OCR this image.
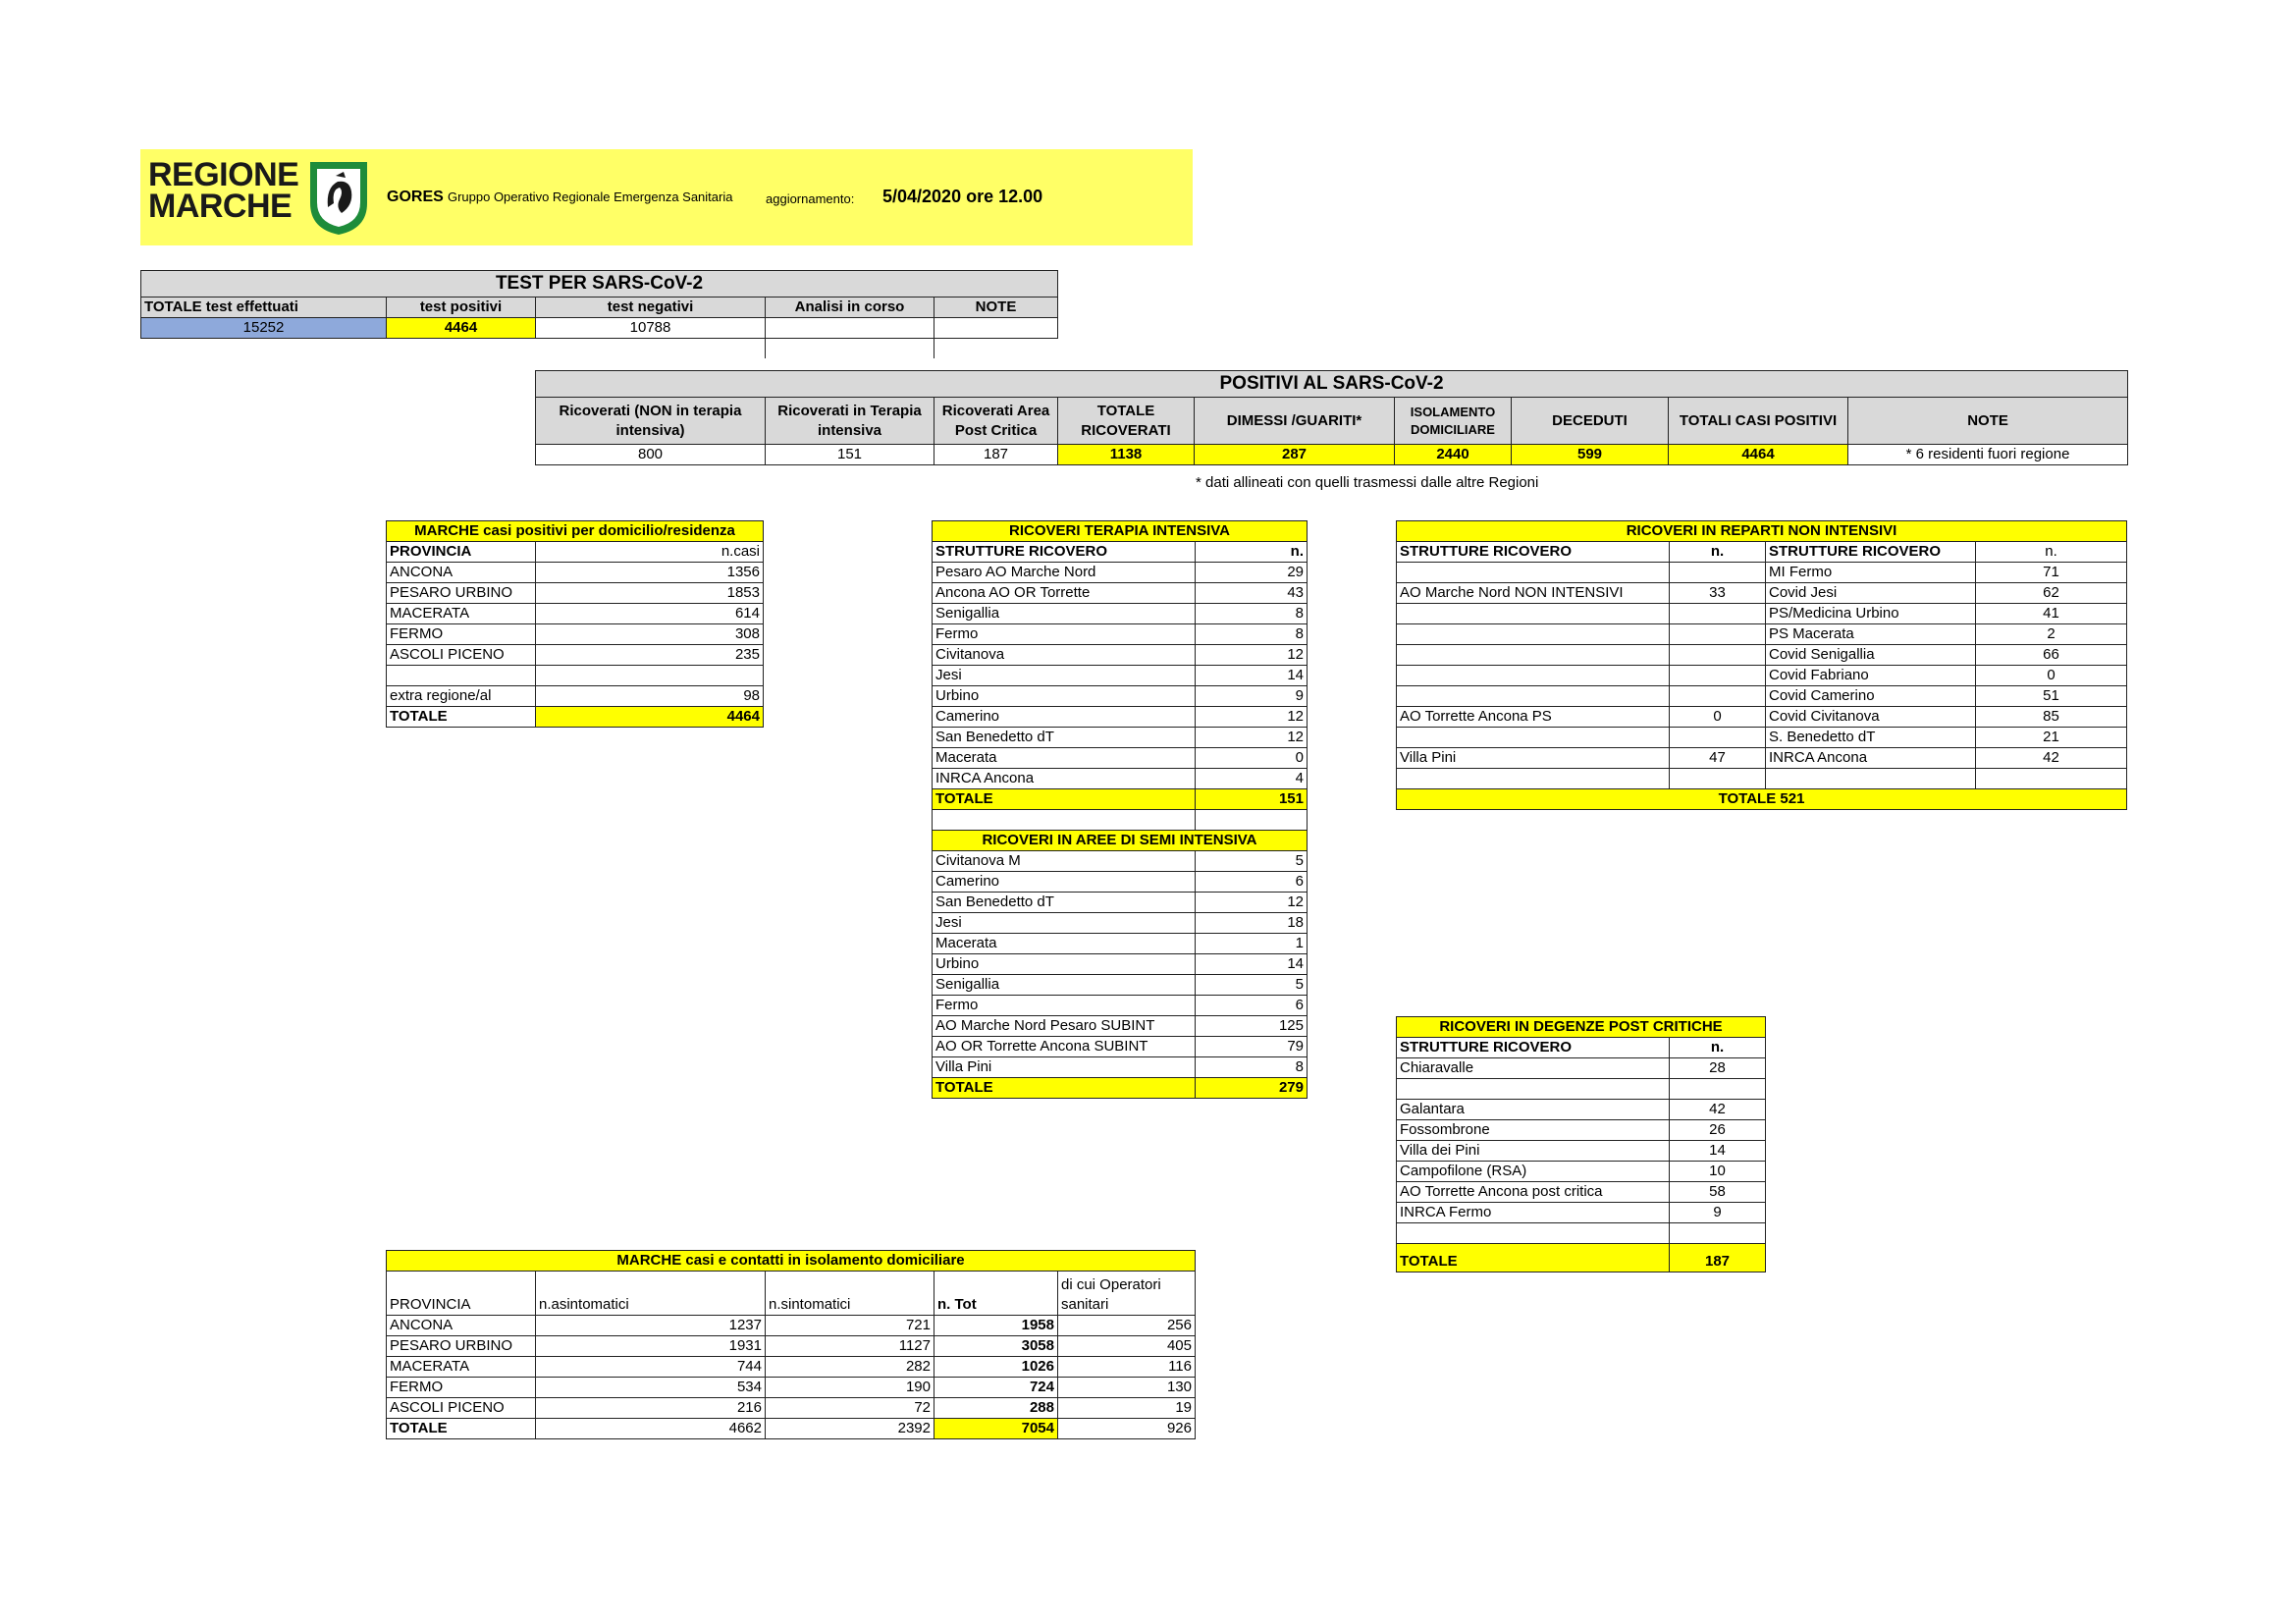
REGIONE
MARCHE	GORES Gruppo Operativo Regionale Emergenza Sanitaria	aggiornamento: 5/04/2020 ore 12.00
TEST PER SARS-CoV-2				
TOTALE test effettuati	test positivi	test negativi	Analisi in corso	NOTE
15252	4464	10788		

POSITIVI AL SARS-CoV-2								
Ricoverati (NON in terapia intensiva)	Ricoverati in Terapia intensiva	Ricoverati Area Post Critica	TOTALE RICOVERATI	DIMESSI /GUARITI*	ISOLAMENTO DOMICILIARE	DECEDUTI	TOTALI CASI POSITIVI	NOTE
800	151	187	1138	287	2440	599	4464	* 6 residenti fuori regione
* dati allineati con quelli trasmessi dalle altre Regioni
MARCHE casi positivi per domicilio/residenza	
PROVINCIA	n.casi
ANCONA	1356
PESARO URBINO	1853
MACERATA	614
FERMO	308
ASCOLI PICENO	235

extra regione/al	98
TOTALE	4464
RICOVERI TERAPIA INTENSIVA	
STRUTTURE RICOVERO	n.
Pesaro AO Marche Nord	29
Ancona AO OR Torrette	43
Senigallia	8
Fermo	8
Civitanova	12
Jesi	14
Urbino	9
Camerino	12
San Benedetto dT	12
Macerata	0
INRCA Ancona	4
TOTALE	151

RICOVERI IN AREE DI SEMI INTENSIVA	
Civitanova M	5
Camerino	6
San Benedetto dT	12
Jesi	18
Macerata	1
Urbino	14
Senigallia	5
Fermo	6
AO Marche Nord Pesaro SUBINT	125
AO OR Torrette Ancona SUBINT	79
Villa Pini	8
TOTALE	279
RICOVERI IN REPARTI NON INTENSIVI			
STRUTTURE RICOVERO	n.	STRUTTURE RICOVERO	n.
		MI Fermo	71
AO Marche Nord NON INTENSIVI	33	Covid Jesi	62
		PS/Medicina Urbino	41
		PS Macerata	2
		Covid Senigallia	66
		Covid Fabriano	0
		Covid Camerino	51
AO Torrette Ancona PS	0	Covid Civitanova	85
		S. Benedetto dT	21
Villa Pini	47	INRCA Ancona	42

TOTALE 521			
RICOVERI IN DEGENZE POST CRITICHE	
STRUTTURE RICOVERO	n.
Chiaravalle	28

Galantara	42
Fossombrone	26
Villa dei Pini	14
Campofilone (RSA)	10
AO Torrette Ancona post critica	58
INRCA Fermo	9

TOTALE	187
MARCHE casi e contatti in isolamento domiciliare				
PROVINCIA	n.asintomatici	n.sintomatici	n. Tot	di cui Operatori
sanitari

ANCONA	1237	721	1958	256
PESARO URBINO	1931	1127	3058	405
MACERATA	744	282	1026	116
FERMO	534	190	724	130
ASCOLI PICENO	216	72	288	19
TOTALE	4662	2392	7054	926
